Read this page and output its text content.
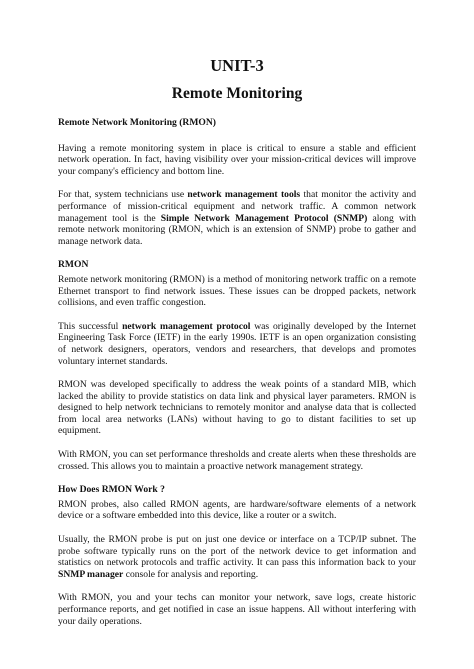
UNIT-3
Remote Monitoring
Remote Network Monitoring (RMON)

Having a remote monitoring system in place is critical to ensure a stable and efficient network operation. In fact, having visibility over your mission-critical devices will improve your company's efficiency and bottom line.

For that, system technicians use network management tools that monitor the activity and performance of mission-critical equipment and network traffic. A common network management tool is the Simple Network Management Protocol (SNMP) along with remote network monitoring (RMON, which is an extension of SNMP) probe to gather and manage network data.

RMON

Remote network monitoring (RMON) is a method of monitoring network traffic on a remote Ethernet transport to find network issues. These issues can be dropped packets, network collisions, and even traffic congestion.

This successful network management protocol was originally developed by the Internet Engineering Task Force (IETF) in the early 1990s. IETF is an open organization consisting of network designers, operators, vendors and researchers, that develops and promotes voluntary internet standards.

RMON was developed specifically to address the weak points of a standard MIB, which lacked the ability to provide statistics on data link and physical layer parameters. RMON is designed to help network technicians to remotely monitor and analyse data that is collected from local area networks (LANs) without having to go to distant facilities to set up equipment.

With RMON, you can set performance thresholds and create alerts when these thresholds are crossed. This allows you to maintain a proactive network management strategy.

How Does RMON Work ?

RMON probes, also called RMON agents, are hardware/software elements of a network device or a software embedded into this device, like a router or a switch.

Usually, the RMON probe is put on just one device or interface on a TCP/IP subnet. The probe software typically runs on the port of the network device to get information and statistics on network protocols and traffic activity. It can pass this information back to your SNMP manager console for analysis and reporting.

With RMON, you and your techs can monitor your network, save logs, create historic performance reports, and get notified in case an issue happens. All without interfering with your daily operations.
